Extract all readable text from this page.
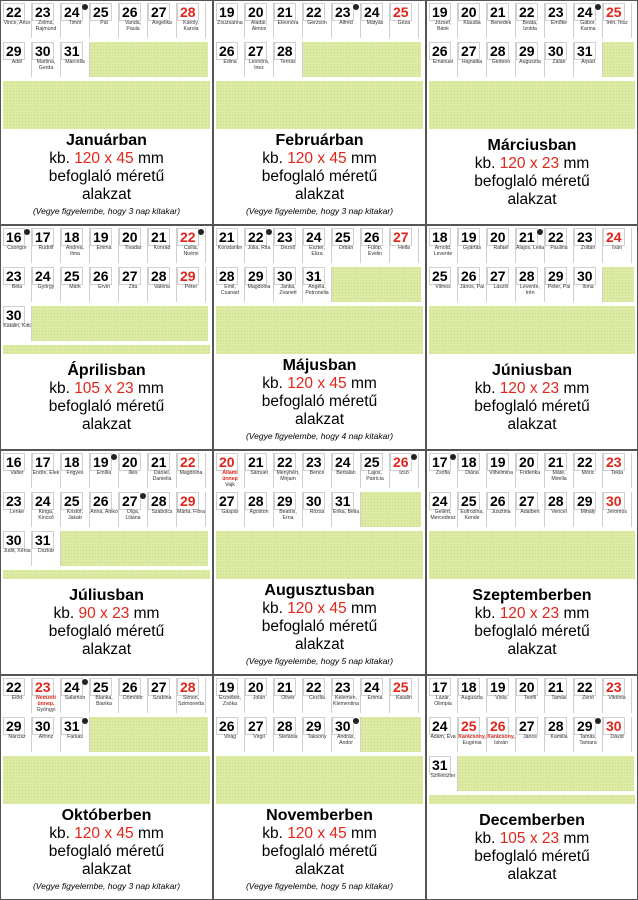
22
Vince, Artúr
23
Zelma, Rajmund
24
Timót
25
Pál
26
Vanda, Paula
27
Angelika
28
Károly, Karola
29
Adél
30
Martina, Gerda
31
Marcella
Januárban
kb. 120 x 45 mm
befoglaló méretű
alakzat
(Vegye figyelembe, hogy 3 nap kitakar)
19
Zsuzsanna
20
Aladár, Álmos
21
Eleonóra
22
Gerzson
23
Alfréd
24
Mátyás
25
Géza
26
Edina
27
Leonóra, Inez
28
Ternás
Februárban
kb. 120 x 45 mm
befoglaló méretű
alakzat
(Vegye figyelembe, hogy 3 nap kitakar)
19
József, Bánk
20
Klaudia
21
Benedek
22
Beáta, Izolda
23
Emőke
24
Gábor, Karina
25
Irén, Írisz
26
Emánuel
27
Hajnalka
28
Gedeon
29
Auguszta
30
Zalán
31
Árpád
Márciusban
kb. 120 x 23 mm
befoglaló méretű
alakzat
16
Csongor
17
Rudolf
18
Andrea, Ilma
19
Emma
20
Tivadar
21
Konrád
22
Csilla, Noémi
23
Béla
24
György
25
Márk
26
Ervin
27
Zita
28
Valéria
29
Péter
30
Katalin, Kitti
Áprilisban
kb. 105 x 23 mm
befoglaló méretű
alakzat
21
Konstantin
22
Júlia, Rita
23
Dezső
24
Eszter, Eliza
25
Orbán
26
Fülöp, Evelin
27
Hella
28
Emil, Csanád
29
Magdolna
30
Janka, Zsanett
31
Angéla, Petronella
Májusban
kb. 120 x 45 mm
befoglaló méretű
alakzat
(Vegye figyelembe, hogy 4 nap kitakar)
18
Arnold, Levente
19
Gyárfás
20
Rafael
21
Alajos, Leila
22
Paulina
23
Zoltán
24
Iván
25
Vilmos
26
János, Pál
27
László
28
Levente, Irén
29
Péter, Pál
30
Ilona
Júniusban
kb. 120 x 23 mm
befoglaló méretű
alakzat
16
Valter
17
Endre, Elek
18
Frigyes
19
Emília
20
Illés
21
Dániel, Daniella
22
Magdolna
23
Lenke
24
Kinga, Kincső
25
Kristóf, Jakab
26
Anna, Anikó
27
Olga, Liliána
28
Szabolcs
29
Márta, Flóra
30
Judit, Xénia
31
Oszkár
Júliusban
kb. 90 x 23 mm
befoglaló méretű
alakzat
20
Állami ünnep
Vajk
21
Sámuel
22
Menyhért, Mirjam
23
Bence
24
Bertalan
25
Lajos, Patrícia
26
Izsó
27
Gáspár
28
Ágoston
29
Beatrix, Erna
30
Rózsa
31
Erika, Bella
Augusztusban
kb. 120 x 45 mm
befoglaló méretű
alakzat
(Vegye figyelembe, hogy 5 nap kitakar)
17
Zsófia
18
Diána
19
Vilhelmina
20
Friderika
21
Máté, Mirella
22
Móric
23
Tekla
24
Gellért, Mercedesz
25
Eufrozina, Kende
26
Jusztina
27
Adalbert
28
Vencel
29
Mihály
30
Jeromos
Szeptemberben
kb. 120 x 23 mm
befoglaló méretű
alakzat
22
Előd
23
Nemzeti ünnep,
Gyöngyi
24
Salamon
25
Blanka, Bianka
26
Dömötör
27
Szabina
28
Simon, Szimonetta
29
Nárcisz
30
Alfonz
31
Farkas
Októberben
kb. 120 x 45 mm
befoglaló méretű
alakzat
(Vegye figyelembe, hogy 3 nap kitakar)
19
Erzsébet, Zsóka
20
Jolán
21
Olivér
22
Cecília
23
Kelemen, Klementina
24
Emma
25
Katalin
26
Virág
27
Virgil
28
Stefánia
29
Taksony
30
András, Andor
Novemberben
kb. 120 x 45 mm
befoglaló méretű
alakzat
(Vegye figyelembe, hogy 5 nap kitakar)
17
Lázár, Olimpia
18
Auguszta
19
Viola
20
Teofil
21
Tamás
22
Zénó
23
Viktória
24
Ádám, Éva
25
Karácsony,
Eugénia
26
Karácsony,
István
27
János
28
Kamilla
29
Tamás, Tamara
30
Dávid
31
Szilveszter
Decemberben
kb. 105 x 23 mm
befoglaló méretű
alakzat
